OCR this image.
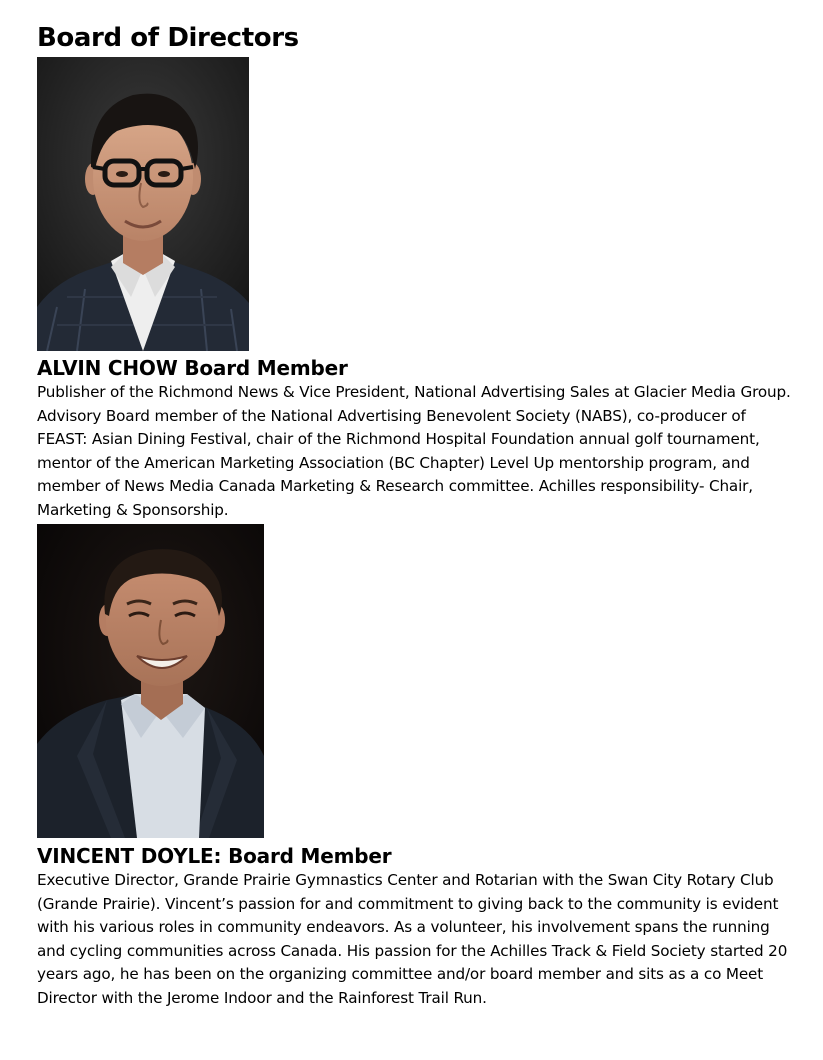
Board of Directors
ALVIN CHOW Board Member

Publisher of the Richmond News & Vice President, National Advertising Sales at Glacier Media Group. Advisory Board member of the National Advertising Benevolent Society (NABS), co-producer of FEAST: Asian Dining Festival, chair of the Richmond Hospital Foundation annual golf tournament, mentor of the American Marketing Association (BC Chapter) Level Up mentorship program, and member of News Media Canada Marketing & Research committee. Achilles responsibility- Chair, Marketing & Sponsorship.

VINCENT DOYLE: Board Member

Executive Director, Grande Prairie Gymnastics Center and Rotarian with the Swan City Rotary Club (Grande Prairie). Vincent’s passion for and commitment to giving back to the community is evident with his various roles in community endeavors. As a volunteer, his involvement spans the running and cycling communities across Canada. His passion for the Achilles Track & Field Society started 20 years ago, he has been on the organizing committee and/or board member and sits as a co Meet Director with the Jerome Indoor and the Rainforest Trail Run.
